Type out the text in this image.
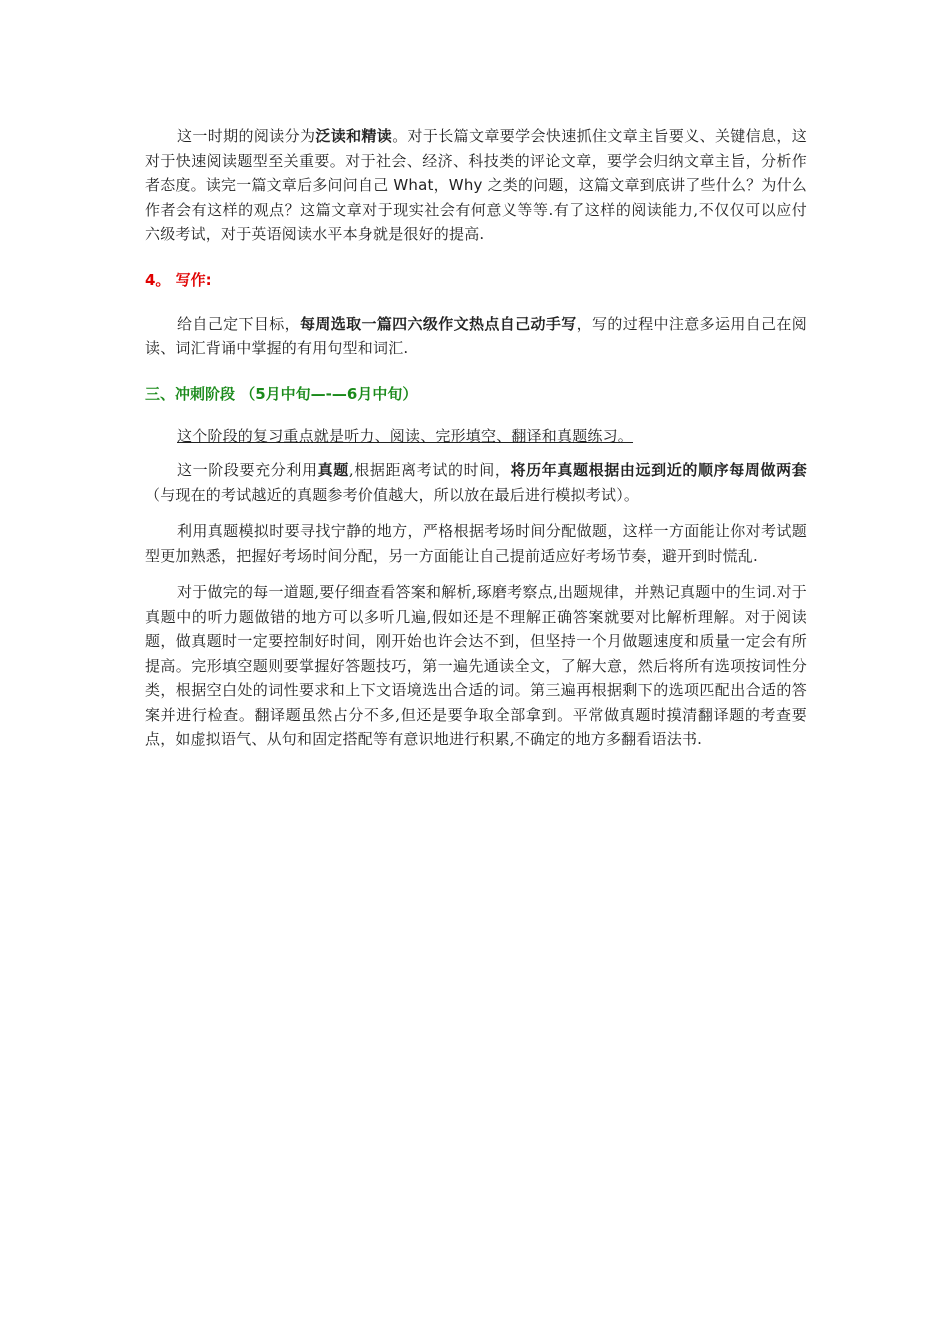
这一时期的阅读分为泛读和精读。对于长篇文章要学会快速抓住文章主旨要义、关键信息，这对于快速阅读题型至关重要。对于社会、经济、科技类的评论文章，要学会归纳文章主旨，分析作者态度。读完一篇文章后多问问自己 What，Why 之类的问题，这篇文章到底讲了些什么？为什么作者会有这样的观点？这篇文章对于现实社会有何意义等等.有了这样的阅读能力,不仅仅可以应付六级考试，对于英语阅读水平本身就是很好的提高.

4。 写作:

给自己定下目标，每周选取一篇四六级作文热点自己动手写，写的过程中注意多运用自己在阅读、词汇背诵中掌握的有用句型和词汇.

三、冲刺阶段 （5月中旬—-—6月中旬）

这个阶段的复习重点就是听力、阅读、完形填空、翻译和真题练习。

这一阶段要充分利用真题,根据距离考试的时间，将历年真题根据由远到近的顺序每周做两套（与现在的考试越近的真题参考价值越大，所以放在最后进行模拟考试）。

利用真题模拟时要寻找宁静的地方，严格根据考场时间分配做题，这样一方面能让你对考试题型更加熟悉，把握好考场时间分配，另一方面能让自己提前适应好考场节奏，避开到时慌乱.

对于做完的每一道题,要仔细查看答案和解析,琢磨考察点,出题规律，并熟记真题中的生词.对于真题中的听力题做错的地方可以多听几遍,假如还是不理解正确答案就要对比解析理解。对于阅读题，做真题时一定要控制好时间，刚开始也许会达不到，但坚持一个月做题速度和质量一定会有所提高。完形填空题则要掌握好答题技巧，第一遍先通读全文，了解大意，然后将所有选项按词性分类，根据空白处的词性要求和上下文语境选出合适的词。第三遍再根据剩下的选项匹配出合适的答案并进行检查。翻译题虽然占分不多,但还是要争取全部拿到。平常做真题时摸清翻译题的考查要点，如虚拟语气、从句和固定搭配等有意识地进行积累,不确定的地方多翻看语法书.
